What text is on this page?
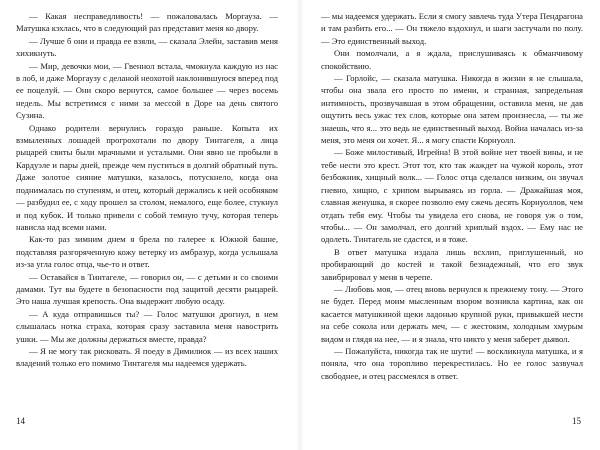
— Какая несправедливость! — пожаловалась Моргауза. — Матушка кэхлась, что в следующий раз представит меня ко двору.

— Лучше б они и правда ее взяли, — сказала Элейн, заставив меня хихикнуть.

— Мир, девочки мои, — Гвеннол встала, чмокнула каждую из нас в лоб, и даже Моргаузу с деланой неохотой наклонившуюся вперед под ее поцелуй. — Они скоро вернутся, самое большее — через восемь недель. Мы встретимся с ними за мессой в Доре на день святого Сузина.

Однако родители вернулись гораздо раньше. Копыта их взмыленных лошадей прогрохотали по двору Тинтагеля, а лица рыцарей свиты были мрачными и усталыми. Они явно не пробыли в Кардуэле и пары дней, прежде чем пуститься в долгий обратный путь. Даже золотое сияние матушки, казалось, потускнело, когда она поднималась по ступеням, и отец, который держались к ней особняком — разбудил ее, с ходу прошел за столом, немалого, еще более, стукнул и под кубок. И только привели с собой темную тучу, которая теперь нависла над всеми нами.

Как-то раз зимним днем я брела по галерее к Южной башне, подставляя разгоряченную кожу ветерку из амбразур, когда услышала из-за угла голос отца, чье-то и ответ.

— Оставайся в Тинтагеле, — говорил он, — с детьми и со своими дамами. Тут вы будете в безопасности под защитой десяти рыцарей. Это наша лучшая крепость. Она выдержит любую осаду.

— А куда отправишься ты? — Голос матушки дрогнул, в нем слышалась нотка страха, которая сразу заставила меня навострить ушки. — Мы же должны держаться вместе, правда?

— Я не могу так рисковать. Я поеду в Димилиок — из всех наших владений только его помимо Тинтагеля мы надеемся удержать.

— мы надеемся удержать. Если я смогу завлечь туда Утера Пендрагона и там разбить его... — Он тяжело вздохнул, и шаги застучали по полу. — Это единственный выход.

Они помолчали, а я ждала, прислушиваясь к обманчивому спокойствию.

— Горлойс, — сказала матушка. Никогда в жизни я не слышала, чтобы она звала его просто по имени, и странная, запредельная интимность, прозвучавшая в этом обращении, оставила меня, не дав ощутить весь ужас тех слов, которые она затем произнесла, — ты же знаешь, что я... это ведь не единственный выход. Война началась из-за меня, это меня он хочет. Я... я могу спасти Корнуолл.

— Боже милостивый, Игрейна! В этой войне нет твоей вины, и не тебе нести это крест. Этот тот, кто так жаждет на чужой король, этот безбожник, хищный волк... — Голос отца сделался низким, он звучал гневно, хищно, с хрипом вырываясь из горла. — Дражайшая моя, славная женушка, я скорее позволю ему сжечь десять Корнуоллов, чем отдать тебя ему. Чтобы ты увидела его снова, не говоря уж о том, чтобы... — Он замолчал, его долгий хриплый вздох. — Ему нас не одолеть. Тинтагель не сдастся, и я тоже.

В ответ матушка издала лишь всхлип, приглушенный, но пробирающий до костей и такой безнадежный, что его звук завибрировал у меня в черепе.

— Любовь моя, — отец вновь вернулся к прежнему тону. — Этого не будет. Перед моим мысленным взором возникла картина, как он касается матушкиной щеки ладонью крупной руки, привыкшей нести на себе сокола или держать меч, — с жестоким, холодным хмурым видом и глядя на нее, — и я знала, что никто у меня заберет дьявол.

— Пожалуйста, никогда так не шути! — воскликнула матушка, и я поняла, что она торопливо перекрестилась. Но ее голос зазвучал свободнее, и отец рассмеялся в ответ.

14	15
